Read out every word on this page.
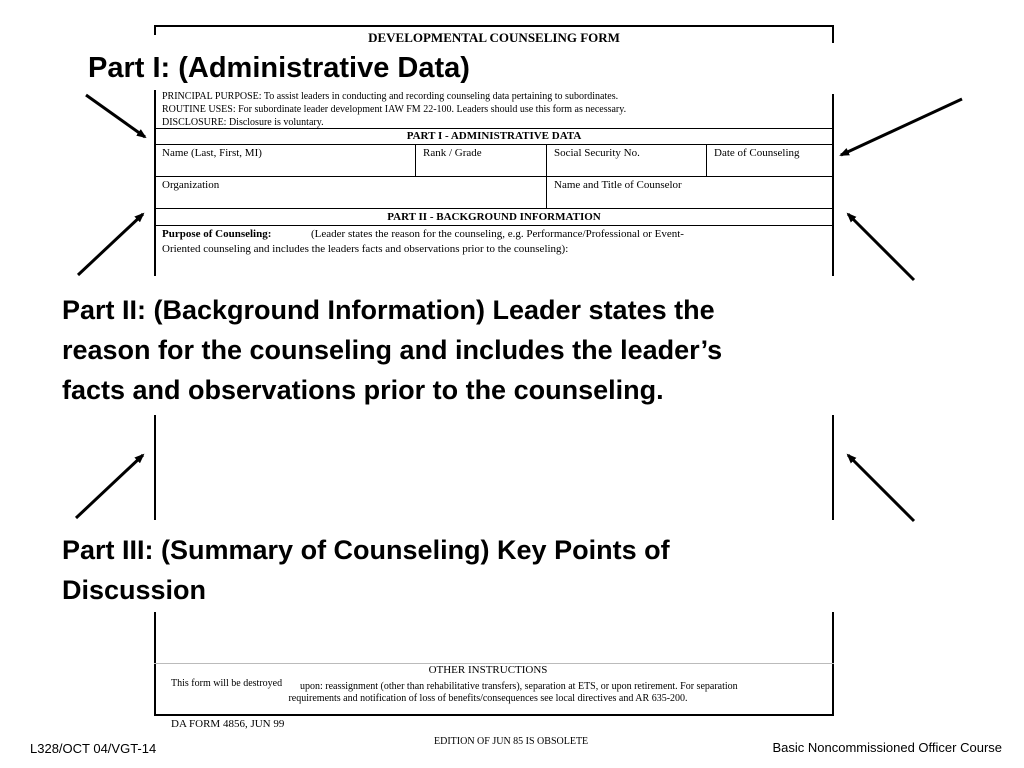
DEVELOPMENTAL COUNSELING FORM
PRINCIPAL PURPOSE: To assist leaders in conducting and recording counseling data pertaining to subordinates.
ROUTINE USES: For subordinate leader development IAW FM 22-100. Leaders should use this form as necessary.
DISCLOSURE: Disclosure is voluntary.
PART I - ADMINISTRATIVE DATA
Name (Last, First, MI)	Rank / Grade	Social Security No.	Date of Counseling
Organization	Name and Title of Counselor
PART II - BACKGROUND INFORMATION
Purpose of Counseling:	(Leader states the reason for the counseling, e.g. Performance/Professional or Event-
Oriented counseling and includes the leaders facts and observations prior to the counseling):
OTHER INSTRUCTIONS
This form will be destroyed upon: reassignment (other than rehabilitative transfers), separation at ETS, or upon retirement. For separation
requirements and notification of loss of benefits/consequences see local directives and AR 635-200.
DA FORM 4856, JUN 99
EDITION OF JUN 85 IS OBSOLETE
Part I: (Administrative Data)
Part II: (Background Information) Leader states the
reason for the counseling and includes the leader’s
facts and observations prior to the counseling.
Part III: (Summary of Counseling) Key Points of
Discussion
L328/OCT 04/VGT-14	Basic Noncommissioned Officer Course
